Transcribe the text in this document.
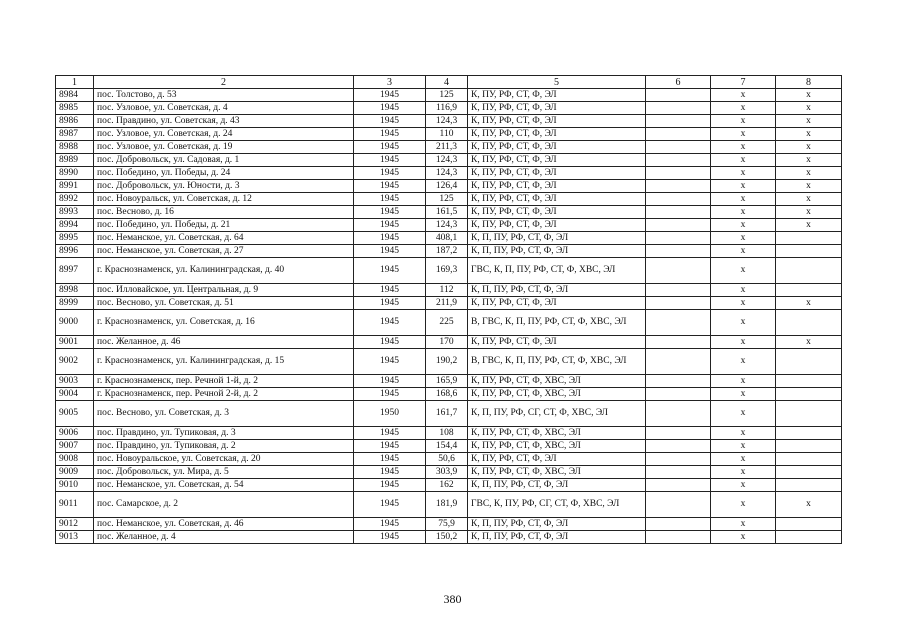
1	2	3	4	5	6	7	8
8984	пос. Толстово, д. 53	1945	125	К, ПУ, РФ, СТ, Ф, ЭЛ		х	х
8985	пос. Узловое, ул. Советская, д. 4	1945	116,9	К, ПУ, РФ, СТ, Ф, ЭЛ		х	х
8986	пос. Правдино, ул. Советская, д. 43	1945	124,3	К, ПУ, РФ, СТ, Ф, ЭЛ		х	х
8987	пос. Узловое, ул. Советская, д. 24	1945	110	К, ПУ, РФ, СТ, Ф, ЭЛ		х	х
8988	пос. Узловое, ул. Советская, д. 19	1945	211,3	К, ПУ, РФ, СТ, Ф, ЭЛ		х	х
8989	пос. Добровольск, ул. Садовая, д. 1	1945	124,3	К, ПУ, РФ, СТ, Ф, ЭЛ		х	х
8990	пос. Победино, ул. Победы, д. 24	1945	124,3	К, ПУ, РФ, СТ, Ф, ЭЛ		х	х
8991	пос. Добровольск, ул. Юности, д. 3	1945	126,4	К, ПУ, РФ, СТ, Ф, ЭЛ		х	х
8992	пос. Новоуральск, ул. Советская, д. 12	1945	125	К, ПУ, РФ, СТ, Ф, ЭЛ		х	х
8993	пос. Весново, д. 16	1945	161,5	К, ПУ, РФ, СТ, Ф, ЭЛ		х	х
8994	пос. Победино, ул. Победы, д. 21	1945	124,3	К, ПУ, РФ, СТ, Ф, ЭЛ		х	х
8995	пос. Неманское, ул. Советская, д. 64	1945	408,1	К, П, ПУ, РФ, СТ, Ф, ЭЛ		х	
8996	пос. Неманское, ул. Советская, д. 27	1945	187,2	К, П, ПУ, РФ, СТ, Ф, ЭЛ		х	
8997	г. Краснознаменск, ул. Калининградская, д. 40	1945	169,3	ГВС, К, П, ПУ, РФ, СТ, Ф, ХВС, ЭЛ		х	
8998	пос. Илловайское, ул. Центральная, д. 9	1945	112	К, П, ПУ, РФ, СТ, Ф, ЭЛ		х	
8999	пос. Весново, ул. Советская, д. 51	1945	211,9	К, ПУ, РФ, СТ, Ф, ЭЛ		х	х
9000	г. Краснознаменск, ул. Советская, д. 16	1945	225	В, ГВС, К, П, ПУ, РФ, СТ, Ф, ХВС, ЭЛ		х	
9001	пос. Желанное, д. 46	1945	170	К, ПУ, РФ, СТ, Ф, ЭЛ		х	х
9002	г. Краснознаменск, ул. Калининградская, д. 15	1945	190,2	В, ГВС, К, П, ПУ, РФ, СТ, Ф, ХВС, ЭЛ		х	
9003	г. Краснознаменск, пер. Речной 1-й, д. 2	1945	165,9	К, ПУ, РФ, СТ, Ф, ХВС, ЭЛ		х	
9004	г. Краснознаменск, пер. Речной 2-й, д. 2	1945	168,6	К, ПУ, РФ, СТ, Ф, ХВС, ЭЛ		х	
9005	пос. Весново, ул. Советская, д. 3	1950	161,7	К, П, ПУ, РФ, СГ, СТ, Ф, ХВС, ЭЛ		х	
9006	пос. Правдино, ул. Тупиковая, д. 3	1945	108	К, ПУ, РФ, СТ, Ф, ХВС, ЭЛ		х	
9007	пос. Правдино, ул. Тупиковая, д. 2	1945	154,4	К, ПУ, РФ, СТ, Ф, ХВС, ЭЛ		х	
9008	пос. Новоуральское, ул. Советская, д. 20	1945	50,6	К, ПУ, РФ, СТ, Ф, ЭЛ		х	
9009	пос. Добровольск, ул. Мира, д. 5	1945	303,9	К, ПУ, РФ, СТ, Ф, ХВС, ЭЛ		х	
9010	пос. Неманское, ул. Советская, д. 54	1945	162	К, П, ПУ, РФ, СТ, Ф, ЭЛ		х	
9011	пос. Самарское, д. 2	1945	181,9	ГВС, К, ПУ, РФ, СГ, СТ, Ф, ХВС, ЭЛ		х	х
9012	пос. Неманское, ул. Советская, д. 46	1945	75,9	К, П, ПУ, РФ, СТ, Ф, ЭЛ		х	
9013	пос. Желанное, д. 4	1945	150,2	К, П, ПУ, РФ, СТ, Ф, ЭЛ		х	
380
